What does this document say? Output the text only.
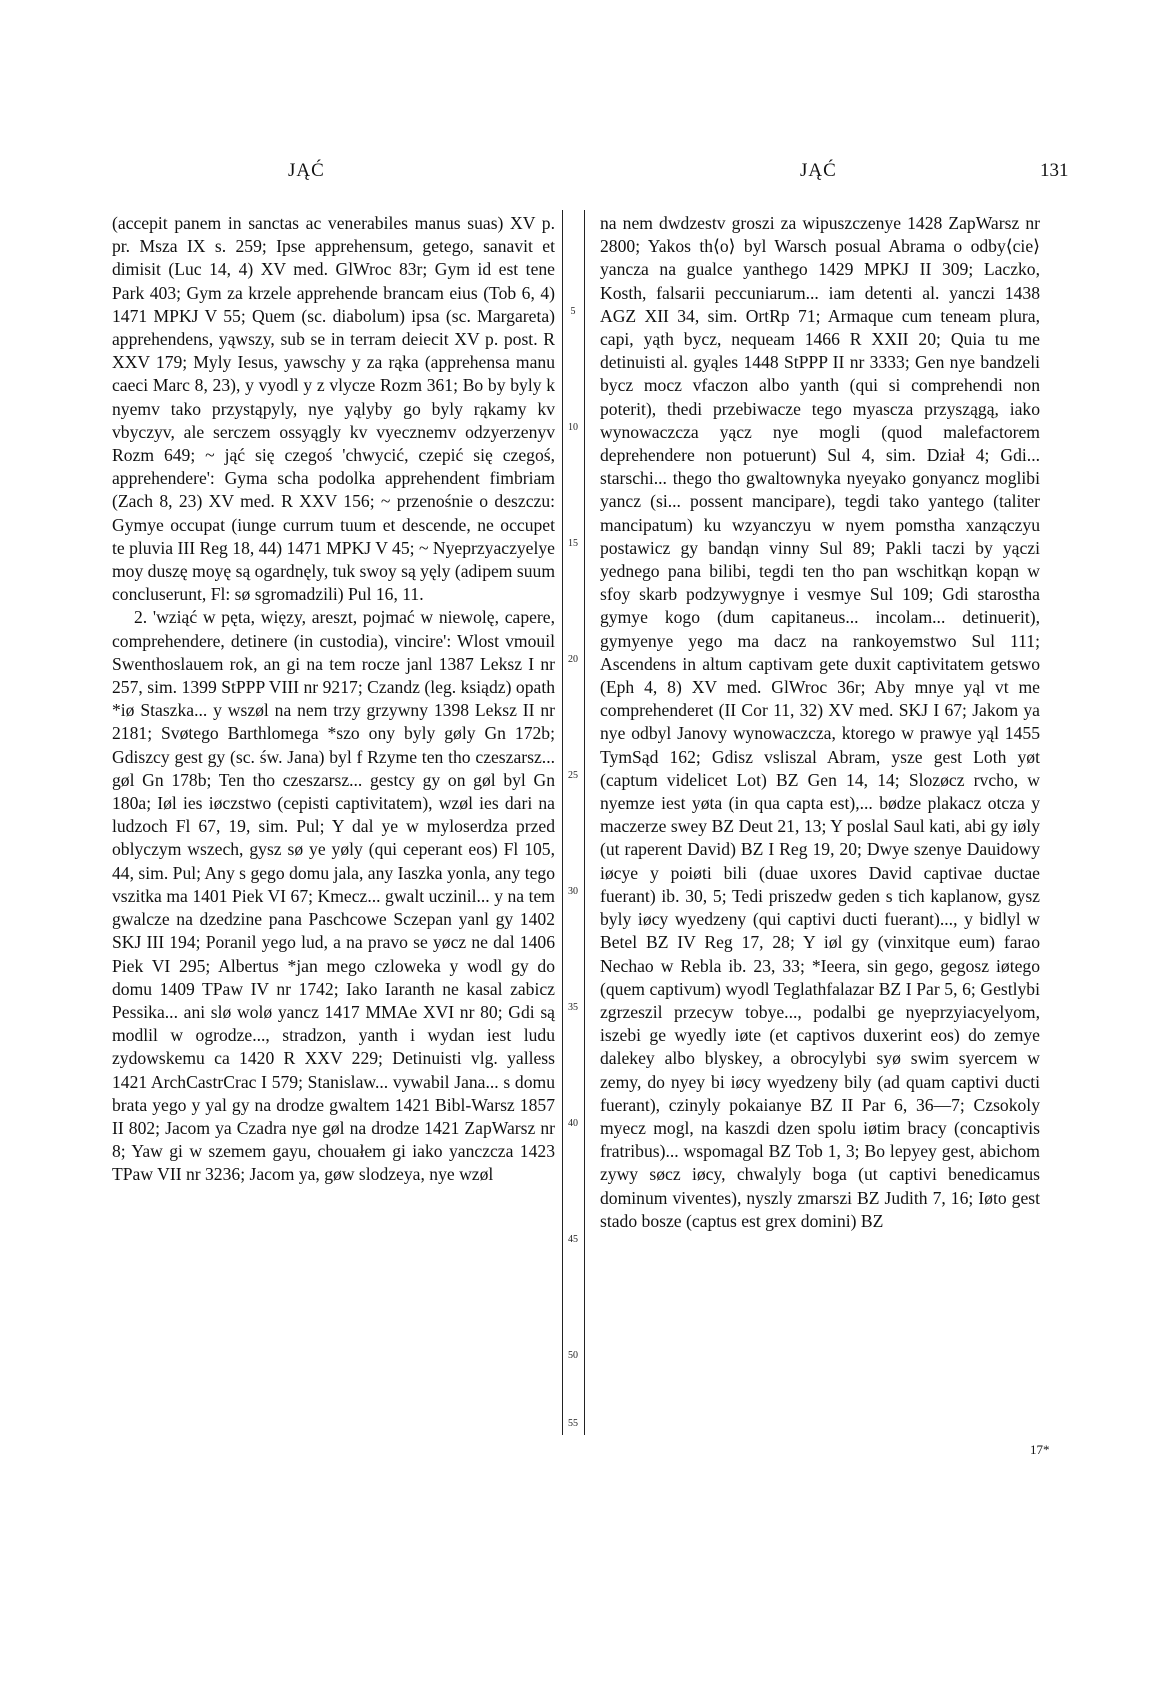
JĄĆ	JĄĆ	131

(accepit panem in sanctas ac venerabiles manus suas) XV p. pr. Msza IX s. 259; Ipse apprehensum, getego, sanavit et dimisit (Luc 14, 4) XV med. GlWroc 83r; Gym id est tene Park 403; Gym za krzele apprehende brancam eius (Tob 6, 4) 1471 MPKJ V 55; Quem (sc. diabolum) ipsa (sc. Margareta) apprehendens, yąwszy, sub se in terram deiecit XV p. post. R XXV 179; Myly Iesus, yawschy y za rąka (apprehensa manu caeci Marc 8, 23), y vyodl y z vlycze Rozm 361; Bo by byly k nyemv tako przystąpyly, nye yąlyby go byly rąkamy kv vbyczyv, ale serczem ossyągly kv vyecznemv odzyerzenyv Rozm 649; ~ jąć się czegoś 'chwycić, czepić się czegoś, apprehendere': Gyma scha podolka apprehendent fimbriam (Zach 8, 23) XV med. R XXV 156; ~ przenośnie o deszczu: Gymye occupat (iunge currum tuum et descende, ne occupet te pluvia III Reg 18, 44) 1471 MPKJ V 45; ~ Nyeprzyaczyelye moy duszę moyę są ogardnęly, tuk swoy są yęly (adipem suum concluserunt, Fl: sø sgromadzili) Pul 16, 11.

2. 'wziąć w pęta, więzy, areszt, pojmać w niewolę, capere, comprehendere, detinere (in custodia), vincire': Wlost vmouil Swenthoslauem rok, an gi na tem rocze janl 1387 Leksz I nr 257, sim. 1399 StPPP VIII nr 9217; Czandz (leg. ksiądz) opath *iø Staszka... y wszøl na nem trzy grzywny 1398 Leksz II nr 2181; Svøtego Barthlomega *szo ony byly gøly Gn 172b; Gdiszcy gest gy (sc. św. Jana) byl f Rzyme ten tho czeszarsz... gøl Gn 178b; Ten tho czeszarsz... gestcy gy on gøl byl Gn 180a; Iøl ies iøczstwo (cepisti captivitatem), wzøl ies dari na ludzoch Fl 67, 19, sim. Pul; Y dal ye w myloserdza przed oblyczym wszech, gysz sø ye yøly (qui ceperant eos) Fl 105, 44, sim. Pul; Any s gego domu jala, any Iaszka yonla, any tego vszitka ma 1401 Piek VI 67; Kmecz... gwalt uczinil... y na tem gwalcze na dzedzine pana Paschcowe Sczepan yanl gy 1402 SKJ III 194; Poranil yego lud, a na pravo se yøcz ne dal 1406 Piek VI 295; Albertus *jan mego czloweka y wodl gy do domu 1409 TPaw IV nr 1742; Iako Iaranth ne kasal zabicz Pessika... ani slø wolø yancz 1417 MMAe XVI nr 80; Gdi są modlil w ogrodze..., stradzon, yanth i wydan iest ludu zydowskemu ca 1420 R XXV 229; Detinuisti vlg. yalless 1421 ArchCastrCrac I 579; Stanislaw... vywabil Jana... s domu brata yego y yal gy na drodze gwaltem 1421 Bibl-Warsz 1857 II 802; Jacom ya Czadra nye gøl na drodze 1421 ZapWarsz nr 8; Yaw gi w szemem gayu, chouałem gi iako yanczcza 1423 TPaw VII nr 3236; Jacom ya, gøw slodzeya, nye wzøl

5
10
15
20
25
30
35
40
45
50
55

na nem dwdzestv groszi za wipuszczenye 1428 ZapWarsz nr 2800; Yakos th⟨o⟩ byl Warsch posual Abrama o odby⟨cie⟩ yancza na gualce yanthego 1429 MPKJ II 309; Laczko, Kosth, falsarii peccuniarum... iam detenti al. yanczi 1438 AGZ XII 34, sim. OrtRp 71; Armaque cum teneam plura, capi, yąth bycz, nequeam 1466 R XXII 20; Quia tu me detinuisti al. gyąles 1448 StPPP II nr 3333; Gen nye bandzeli bycz mocz vfaczon albo yanth (qui si comprehendi non poterit), thedi przebiwacze tego myascza przyszągą, iako wynowaczcza yącz nye mogli (quod malefactorem deprehendere non potuerunt) Sul 4, sim. Dział 4; Gdi... starschi... thego tho gwaltownyka nyeyako gonyancz moglibi yancz (si... possent mancipare), tegdi tako yantego (taliter mancipatum) ku wzyanczyu w nyem pomstha xanząсzyu postawicz gy bandąn vinny Sul 89; Pakli taczi by yączi yednego pana bilibi, tegdi ten tho pan wschitkąn kopąn w sfoy skarb podzywygnye i vesmye Sul 109; Gdi starostha gymye kogo (dum capitaneus... incolam... detinuerit), gymyenye yego ma dacz na rankoyemstwo Sul 111; Ascendens in altum captivam gete duxit captivitatem getswo (Eph 4, 8) XV med. GlWroc 36r; Aby mnye yąl vt me comprehenderet (II Cor 11, 32) XV med. SKJ I 67; Jakom ya nye odbyl Janovy wynowaczcza, ktorego w prawye yąl 1455 TymSąd 162; Gdisz vsliszal Abram, ysze gest Loth yøt (captum videlicet Lot) BZ Gen 14, 14; Slozøcz rvcho, w nyemze iest yøta (in qua capta est),... bødze plakacz otcza y maczerze swey BZ Deut 21, 13; Y poslal Saul kati, abi gy iøly (ut raperent David) BZ I Reg 19, 20; Dwye szenye Dauidowy iøcye y poiøti bili (duae uxores David captivae ductae fuerant) ib. 30, 5; Tedi priszedw geden s tich kaplanow, gysz byly iøcy wyedzeny (qui captivi ducti fuerant)..., y bidlyl w Betel BZ IV Reg 17, 28; Y iøl gy (vinxitque eum) farao Nechao w Rebla ib. 23, 33; *Ieera, sin gego, gegosz iøtego (quem captivum) wyodl Teglathfalazar BZ I Par 5, 6; Gestlybi zgrzeszil przecyw tobye..., podalbi ge nyeprzyiacyelyom, iszebi ge wyedly iøte (et captivos duxerint eos) do zemye dalekey albo blyskey, a obrocylybi syø swim syercem w zemy, do nyey bi iøcy wyedzeny bily (ad quam captivi ducti fuerant), czinyly pokaianye BZ II Par 6, 36—7; Czsokoly myecz mogl, na kaszdi dzen spolu iøtim bracy (concaptivis fratribus)... wspomagal BZ Tob 1, 3; Bo lepyey gest, abichom zywy søcz iøcy, chwalyly boga (ut captivi benedicamus dominum viventes), nyszly zmarszi BZ Judith 7, 16; Iøto gest stado bosze (captus est grex domini) BZ

17*
